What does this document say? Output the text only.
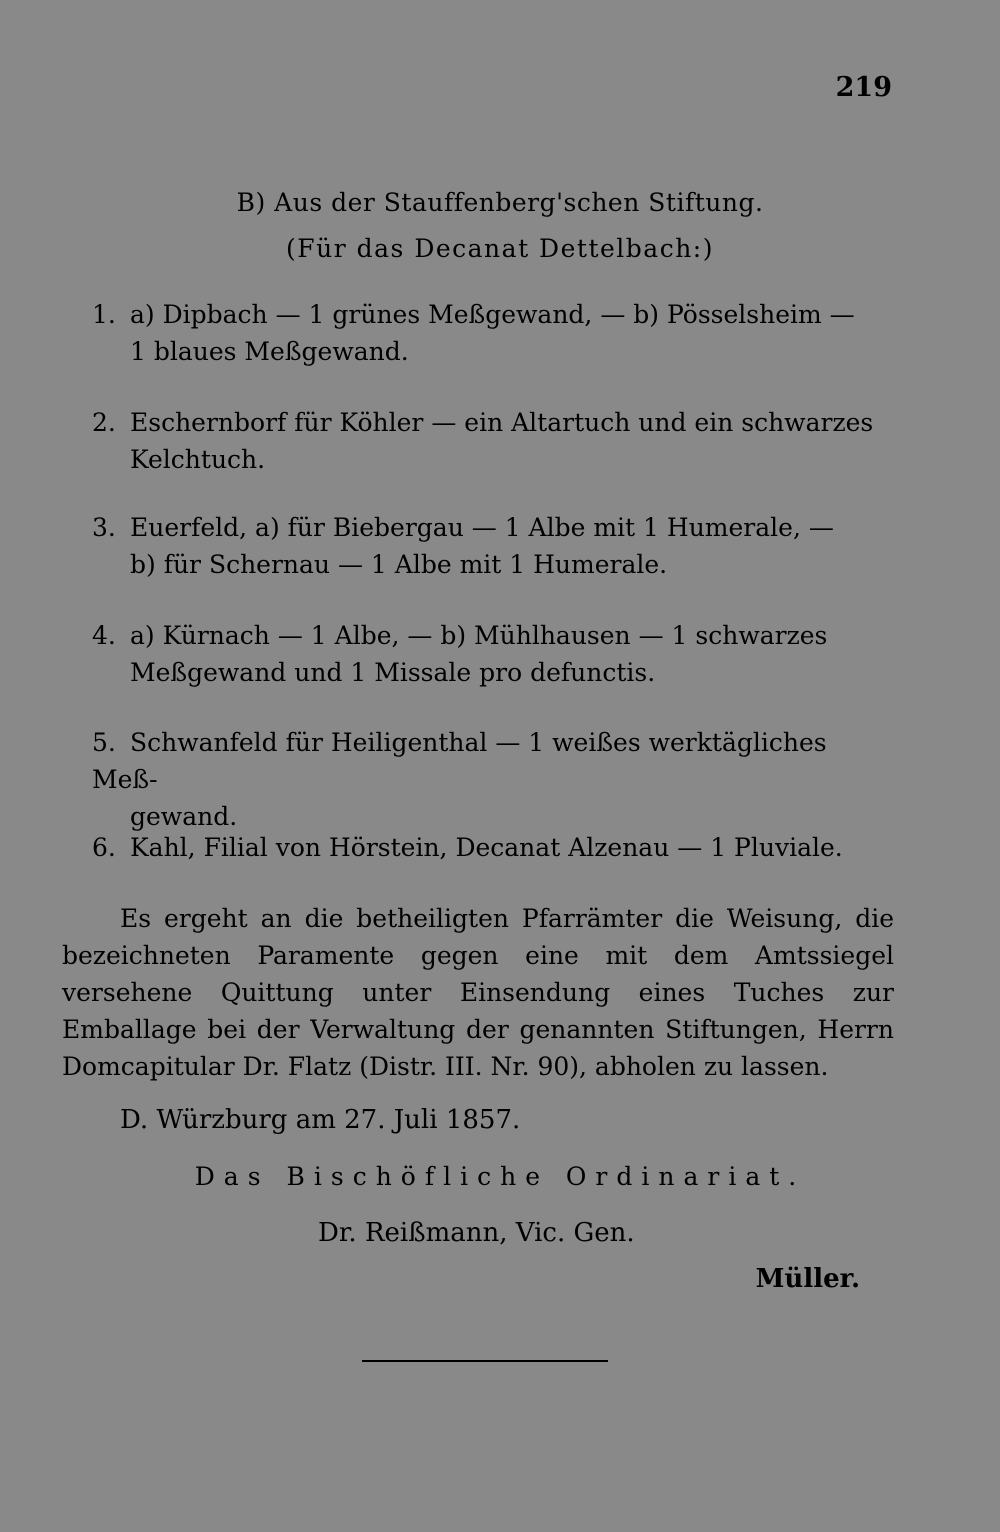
219
B) Aus der Stauffenberg'schen Stiftung.
(Für das Decanat Dettelbach:)
1. a) Dipbach — 1 grünes Meßgewand, — b) Pösselsheim —
1 blaues Meßgewand.
2. Eschernborf für Köhler — ein Altartuch und ein schwarzes
Kelchtuch.
3. Euerfeld, a) für Biebergau — 1 Albe mit 1 Humerale, —
b) für Schernau — 1 Albe mit 1 Humerale.
4. a) Kürnach — 1 Albe, — b) Mühlhausen — 1 schwarzes
Meßgewand und 1 Missale pro defunctis.
5. Schwanfeld für Heiligenthal — 1 weißes werktägliches Meß-
gewand.
6. Kahl, Filial von Hörstein, Decanat Alzenau — 1 Pluviale.
Es ergeht an die betheiligten Pfarrämter die Weisung, die bezeichneten Paramente gegen eine mit dem Amtssiegel versehene Quittung unter Einsendung eines Tuches zur Emballage bei der Verwaltung der genannten Stiftungen, Herrn Domcapitular Dr. Flatz (Distr. III. Nr. 90), abholen zu lassen.
D. Würzburg am 27. Juli 1857.
Das Bischöfliche Ordinariat.
Dr. Reißmann, Vic. Gen.
Müller.
